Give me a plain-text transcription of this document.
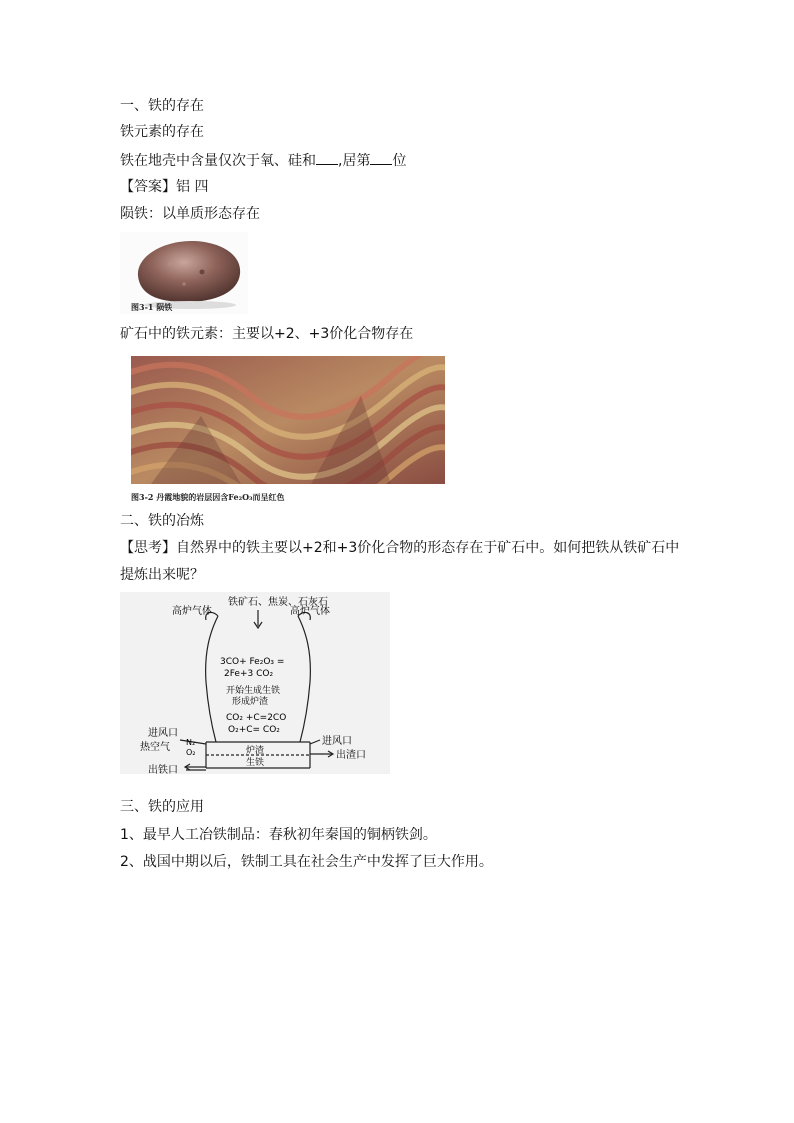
一、铁的存在
铁元素的存在
铁在地壳中含量仅次于氧、硅和 ,居第 位
【答案】铝 四
陨铁：以单质形态存在
图3-1 陨铁
矿石中的铁元素：主要以+2、+3价化合物存在
图3-2 丹霞地貌的岩层因含Fe₂O₃而呈红色
二、铁的冶炼
【思考】自然界中的铁主要以+2和+3价化合物的形态存在于矿石中。如何把铁从铁矿石中
提炼出来呢？
铁矿石、焦炭、石灰石
高炉气体	高炉气体
3CO+ Fe₂O₃ =
2Fe+3 CO₂
开始生成生铁
形成炉渣
CO₂ +C=2CO
O₂+C= CO₂
进风口
热空气 N₂
O₂
进风口
出渣口
炉渣
生铁
出铁口
三、铁的应用
1、最早人工冶铁制品：春秋初年秦国的铜柄铁剑。
2、战国中期以后，铁制工具在社会生产中发挥了巨大作用。
